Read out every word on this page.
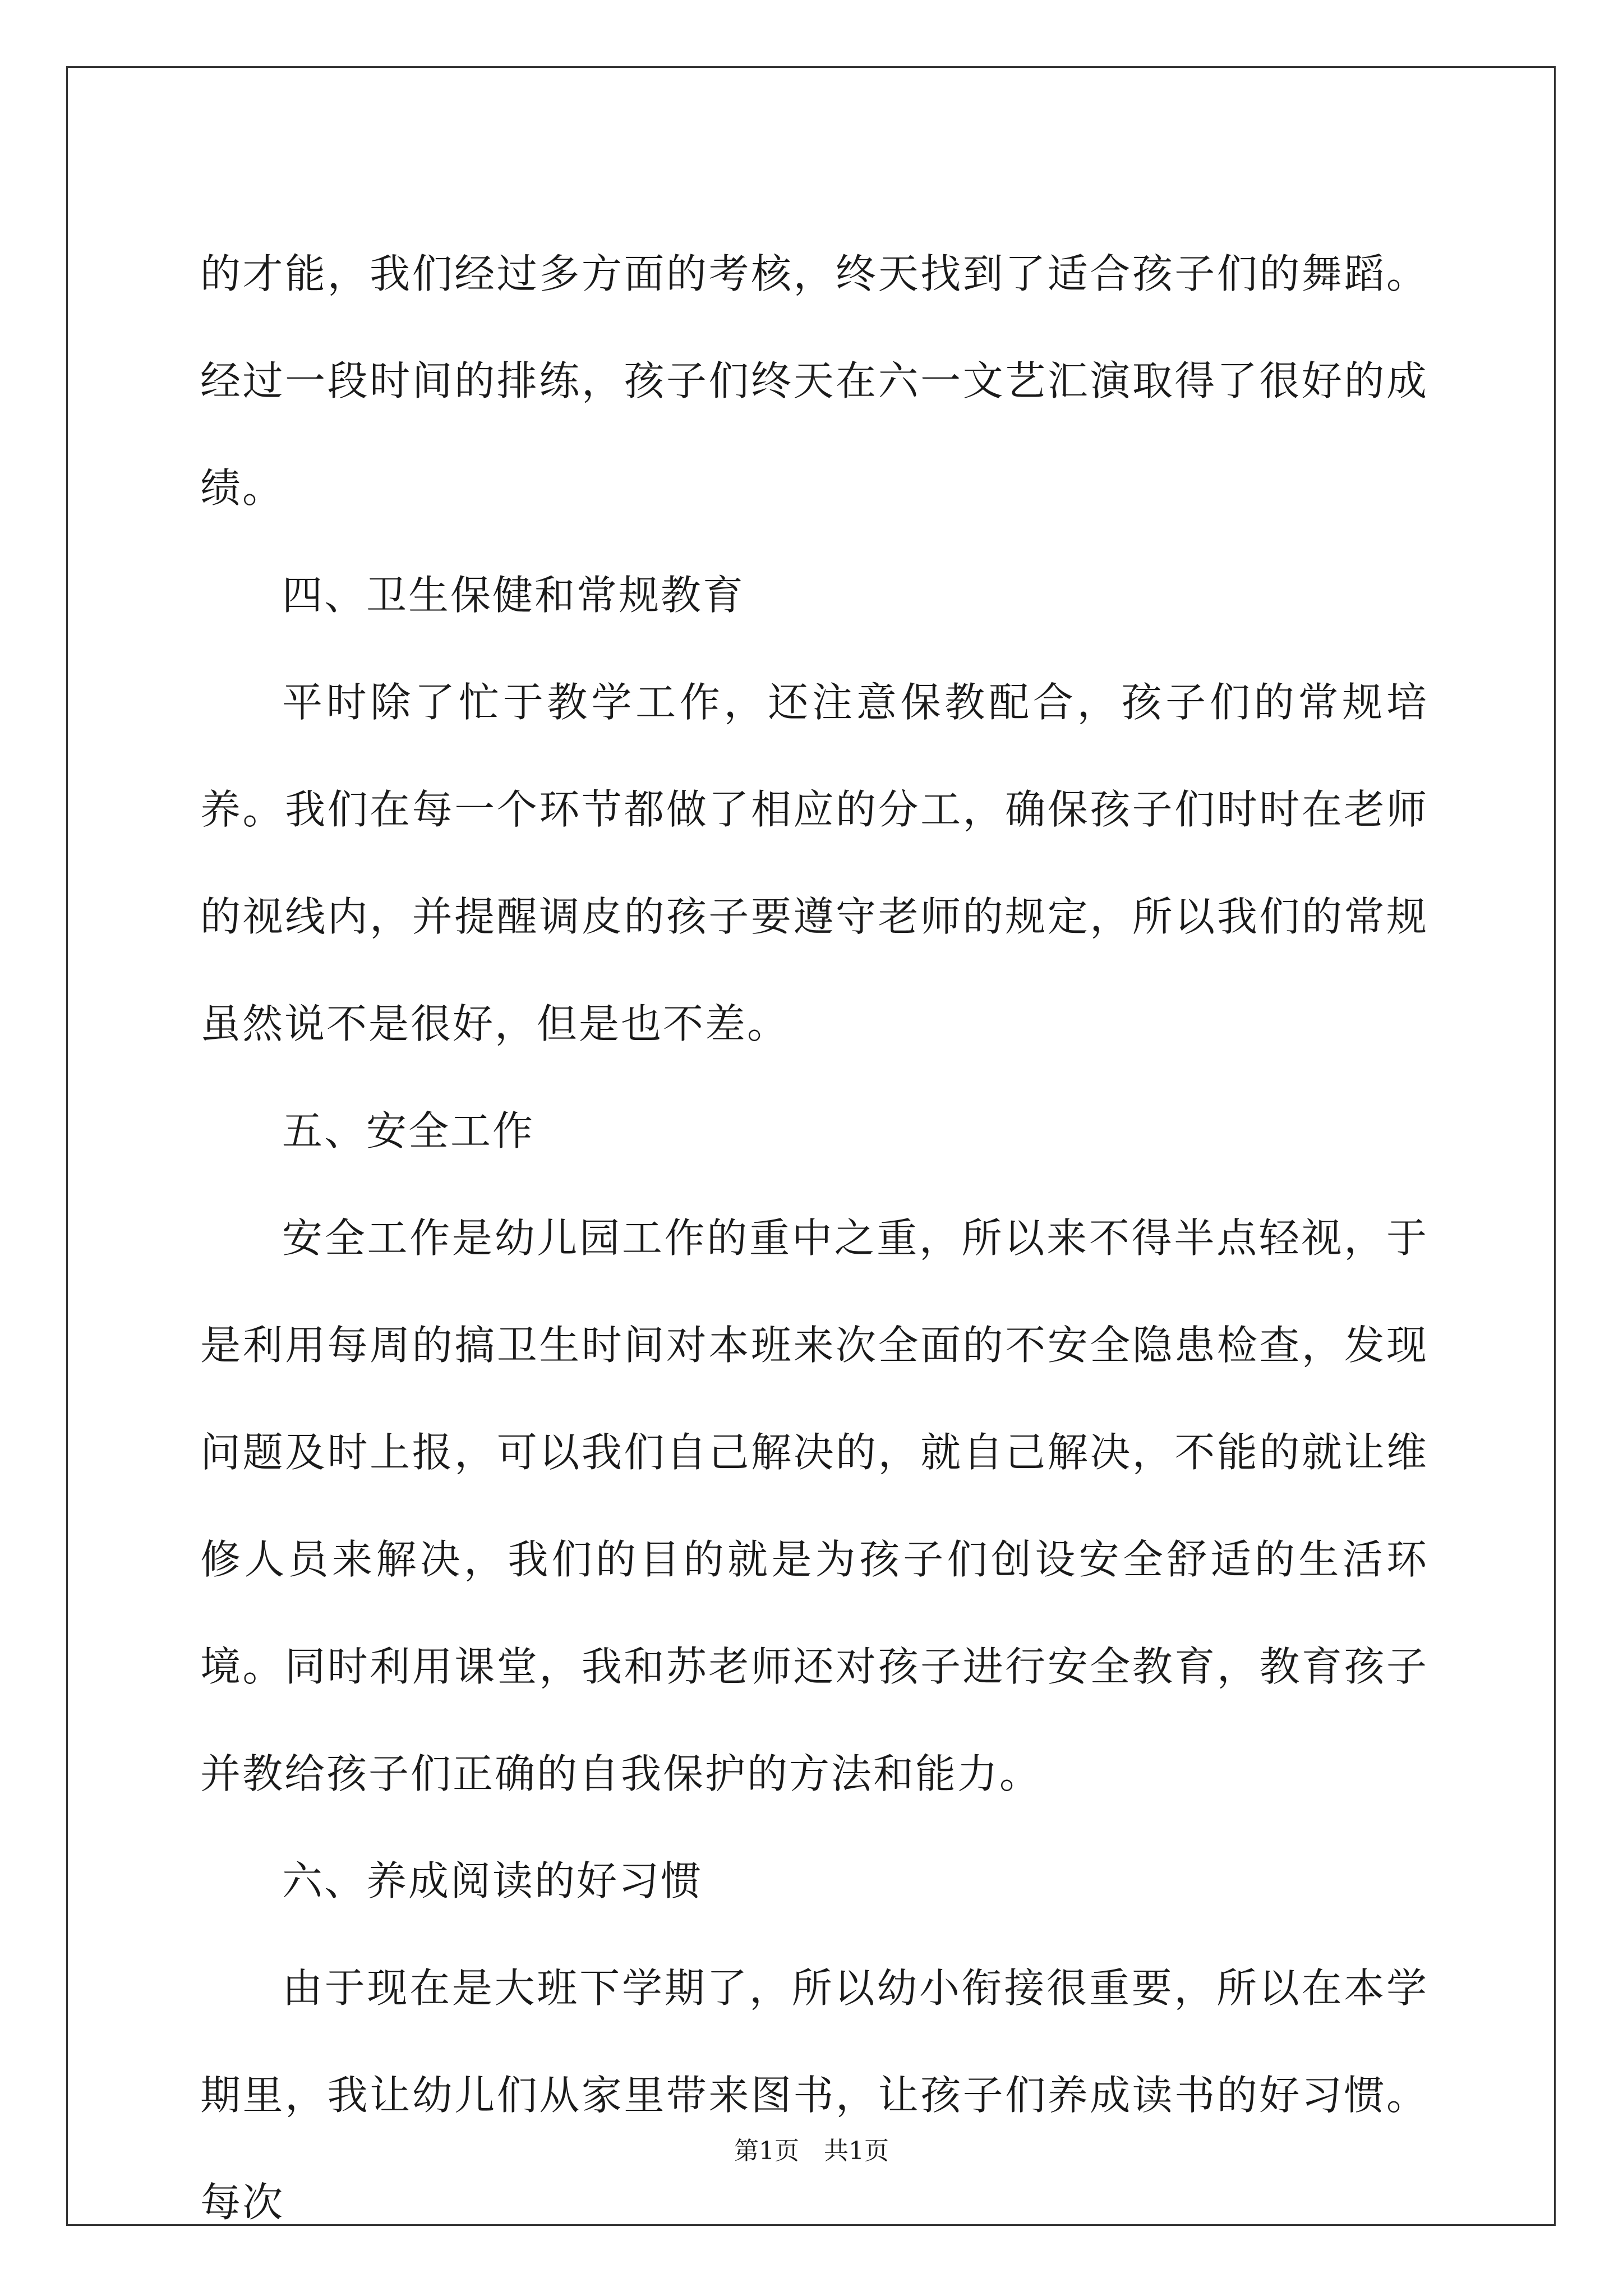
的才能，我们经过多方面的考核，终天找到了适合孩子们的舞蹈。经过一段时间的排练，孩子们终天在六一文艺汇演取得了很好的成绩。

四、卫生保健和常规教育

平时除了忙于教学工作，还注意保教配合，孩子们的常规培养。我们在每一个环节都做了相应的分工，确保孩子们时时在老师的视线内，并提醒调皮的孩子要遵守老师的规定，所以我们的常规虽然说不是很好，但是也不差。

五、安全工作

安全工作是幼儿园工作的重中之重，所以来不得半点轻视，于是利用每周的搞卫生时间对本班来次全面的不安全隐患检查，发现问题及时上报，可以我们自己解决的，就自己解决，不能的就让维修人员来解决，我们的目的就是为孩子们创设安全舒适的生活环境。同时利用课堂，我和苏老师还对孩子进行安全教育，教育孩子并教给孩子们正确的自我保护的方法和能力。

六、养成阅读的好习惯

由于现在是大班下学期了，所以幼小衔接很重要，所以在本学期里，我让幼儿们从家里带来图书，让孩子们养成读书的好习惯。每次

第1页　共1页
